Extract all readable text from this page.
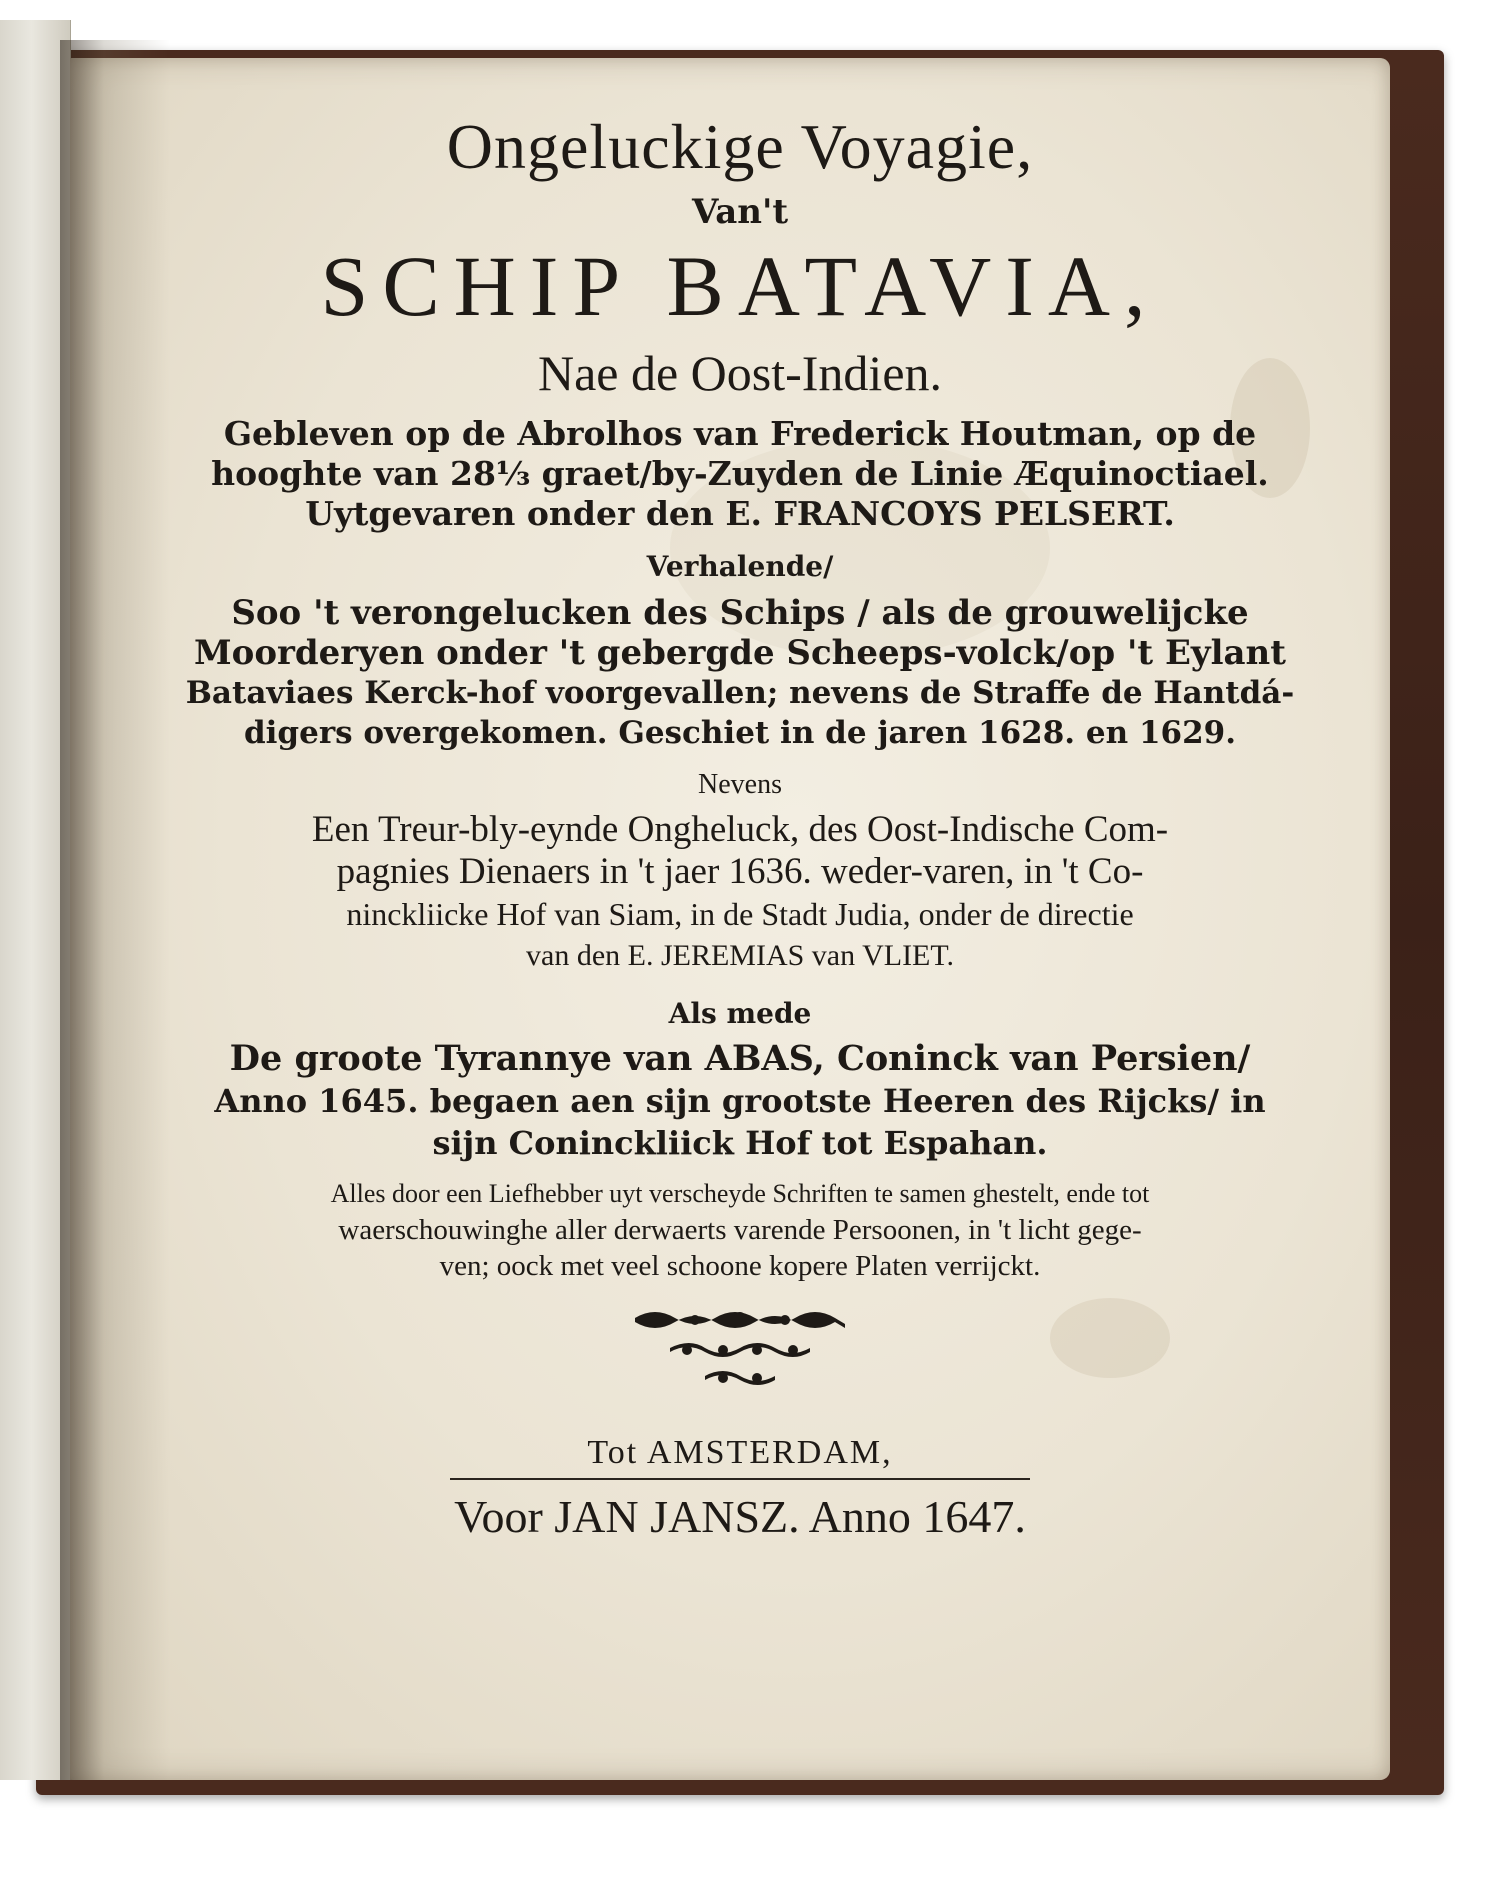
Ongeluckige Voyagie,
Van't
SCHIP BATAVIA,
Nae de Oost-Indien.
Gebleven op de Abrolhos van Frederick Houtman, op de
hooghte van 28⅓ graet/by-Zuyden de Linie Æquinoctiael.
Uytgevaren onder den E. FRANCOYS PELSERT.
Verhalende/
Soo 't verongelucken des Schips / als de grouwelijcke
Moorderyen onder 't gebergde Scheeps-volck/op 't Eylant
Bataviaes Kerck-hof voorgevallen; nevens de Straffe de Hantdá-
digers overgekomen. Geschiet in de jaren 1628. en 1629.
Nevens
Een Treur-bly-eynde Ongheluck, des Oost-Indische Com-
pagnies Dienaers in 't jaer 1636. weder-varen, in 't Co-
ninckliicke Hof van Siam, in de Stadt Judia, onder de directie
van den E. JEREMIAS van VLIET.
Als mede
De groote Tyrannye van ABAS, Coninck van Persien/
Anno 1645. begaen aen sijn grootste Heeren des Rijcks/ in
sijn Coninckliick Hof tot Espahan.
Alles door een Liefhebber uyt verscheyde Schriften te samen ghestelt, ende tot
waerschouwinghe aller derwaerts varende Persoonen, in 't licht gege-
ven; oock met veel schoone kopere Platen verrijckt.
Tot AMSTERDAM,
Voor JAN JANSZ. Anno 1647.
